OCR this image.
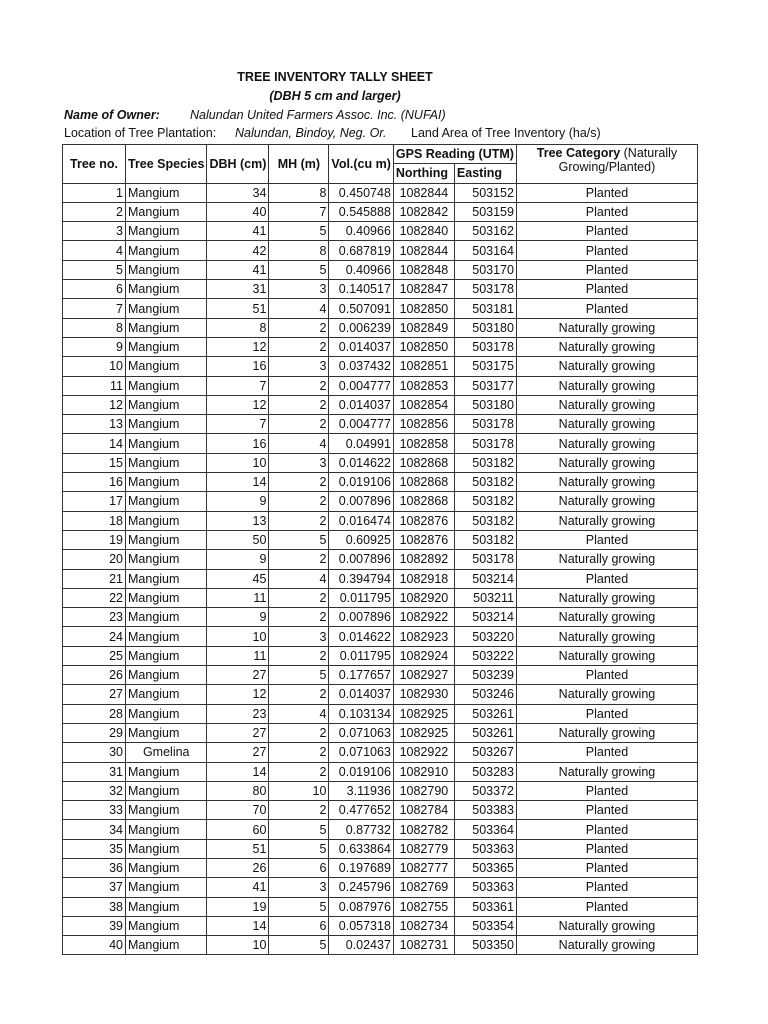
TREE INVENTORY TALLY SHEET
(DBH 5 cm and larger)
Name of Owner: Nalundan United Farmers Assoc. Inc. (NUFAI)
Location of Tree Plantation: Nalundan, Bindoy, Neg. Or. Land Area of Tree Inventory (ha/s)
Tree no.	Tree Species	DBH (cm)	MH (m)	Vol.(cu m)	GPS Reading (UTM)		Tree Category (Naturally Growing/Planted)
					Northing	Easting	
1	Mangium	34	8	0.450748	1082844	503152	Planted
2	Mangium	40	7	0.545888	1082842	503159	Planted
3	Mangium	41	5	0.40966	1082840	503162	Planted
4	Mangium	42	8	0.687819	1082844	503164	Planted
5	Mangium	41	5	0.40966	1082848	503170	Planted
6	Mangium	31	3	0.140517	1082847	503178	Planted
7	Mangium	51	4	0.507091	1082850	503181	Planted
8	Mangium	8	2	0.006239	1082849	503180	Naturally growing
9	Mangium	12	2	0.014037	1082850	503178	Naturally growing
10	Mangium	16	3	0.037432	1082851	503175	Naturally growing
11	Mangium	7	2	0.004777	1082853	503177	Naturally growing
12	Mangium	12	2	0.014037	1082854	503180	Naturally growing
13	Mangium	7	2	0.004777	1082856	503178	Naturally growing
14	Mangium	16	4	0.04991	1082858	503178	Naturally growing
15	Mangium	10	3	0.014622	1082868	503182	Naturally growing
16	Mangium	14	2	0.019106	1082868	503182	Naturally growing
17	Mangium	9	2	0.007896	1082868	503182	Naturally growing
18	Mangium	13	2	0.016474	1082876	503182	Naturally growing
19	Mangium	50	5	0.60925	1082876	503182	Planted
20	Mangium	9	2	0.007896	1082892	503178	Naturally growing
21	Mangium	45	4	0.394794	1082918	503214	Planted
22	Mangium	11	2	0.011795	1082920	503211	Naturally growing
23	Mangium	9	2	0.007896	1082922	503214	Naturally growing
24	Mangium	10	3	0.014622	1082923	503220	Naturally growing
25	Mangium	11	2	0.011795	1082924	503222	Naturally growing
26	Mangium	27	5	0.177657	1082927	503239	Planted
27	Mangium	12	2	0.014037	1082930	503246	Naturally growing
28	Mangium	23	4	0.103134	1082925	503261	Planted
29	Mangium	27	2	0.071063	1082925	503261	Naturally growing
30	Gmelina	27	2	0.071063	1082922	503267	Planted
31	Mangium	14	2	0.019106	1082910	503283	Naturally growing
32	Mangium	80	10	3.11936	1082790	503372	Planted
33	Mangium	70	2	0.477652	1082784	503383	Planted
34	Mangium	60	5	0.87732	1082782	503364	Planted
35	Mangium	51	5	0.633864	1082779	503363	Planted
36	Mangium	26	6	0.197689	1082777	503365	Planted
37	Mangium	41	3	0.245796	1082769	503363	Planted
38	Mangium	19	5	0.087976	1082755	503361	Planted
39	Mangium	14	6	0.057318	1082734	503354	Naturally growing
40	Mangium	10	5	0.02437	1082731	503350	Naturally growing
